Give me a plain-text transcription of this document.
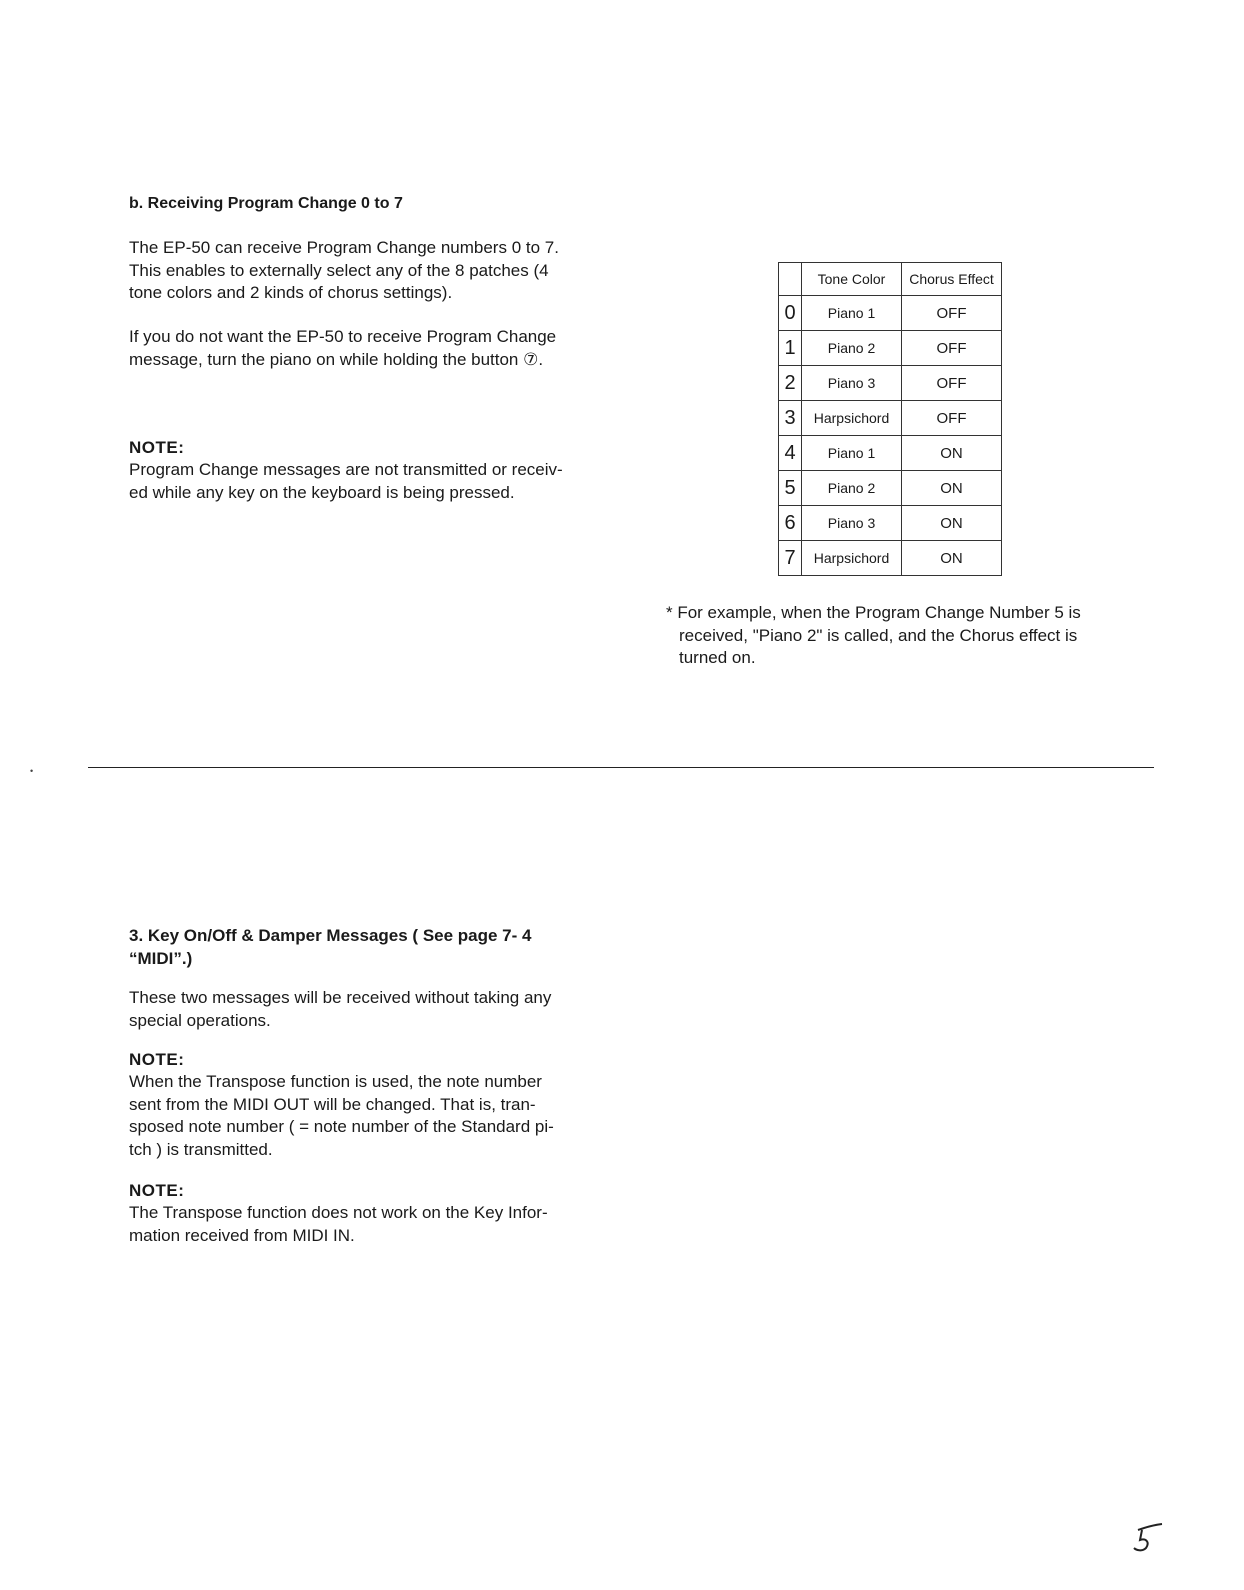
b. Receiving Program Change 0 to 7

The EP-50 can receive Program Change numbers 0 to 7.

This enables to externally select any of the 8 patches (4

tone colors and 2 kinds of chorus settings).

If you do not want the EP-50 to receive Program Change

message, turn the piano on while holding the button ⑦.

NOTE:

Program Change messages are not transmitted or receiv-

ed while any key on the keyboard is being pressed.

	Tone Color	Chorus Effect
0	Piano 1	OFF
1	Piano 2	OFF
2	Piano 3	OFF
3	Harpsichord	OFF
4	Piano 1	ON
5	Piano 2	ON
6	Piano 3	ON
7	Harpsichord	ON

* For example, when the Program Change Number 5 is

received, "Piano 2" is called, and the Chorus effect is

turned on.

•

3. Key On/Off & Damper Messages ( See page 7- 4

“MIDI”.)

These two messages will be received without taking any

special operations.

NOTE:

When the Transpose function is used, the note number

sent from the MIDI OUT will be changed. That is, tran-

sposed note number ( = note number of the Standard pi-

tch ) is transmitted.

NOTE:

The Transpose function does not work on the Key Infor-

mation received from MIDI IN.
